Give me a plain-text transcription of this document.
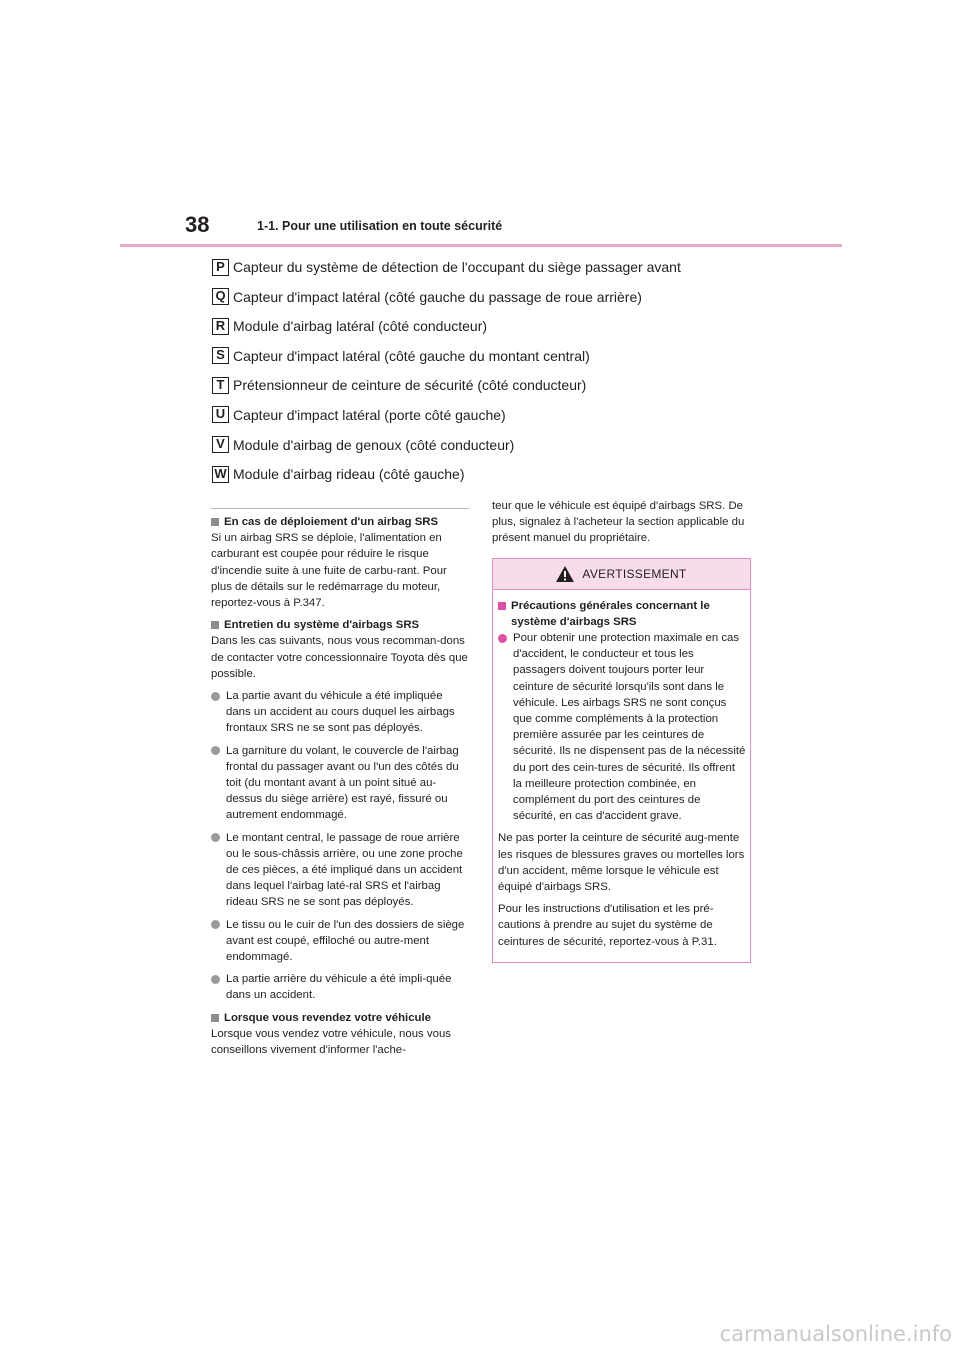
38	1-1. Pour une utilisation en toute sécurité
P Capteur du système de détection de l'occupant du siège passager avant
Q Capteur d'impact latéral (côté gauche du passage de roue arrière)
R Module d'airbag latéral (côté conducteur)
S Capteur d'impact latéral (côté gauche du montant central)
T Prétensionneur de ceinture de sécurité (côté conducteur)
U Capteur d'impact latéral (porte côté gauche)
V Module d'airbag de genoux (côté conducteur)
W Module d'airbag rideau (côté gauche)
En cas de déploiement d'un airbag SRS

Si un airbag SRS se déploie, l'alimentation en carburant est coupée pour réduire le risque d'incendie suite à une fuite de carbu-rant. Pour plus de détails sur le redémarrage du moteur, reportez-vous à P.347.

Entretien du système d'airbags SRS

Dans les cas suivants, nous vous recomman-dons de contacter votre concessionnaire Toyota dès que possible.

La partie avant du véhicule a été impliquée dans un accident au cours duquel les airbags frontaux SRS ne se sont pas déployés.
La garniture du volant, le couvercle de l'airbag frontal du passager avant ou l'un des côtés du toit (du montant avant à un point situé au-dessus du siège arrière) est rayé, fissuré ou autrement endommagé.
Le montant central, le passage de roue arrière ou le sous-châssis arrière, ou une zone proche de ces pièces, a été impliqué dans un accident dans lequel l'airbag laté-ral SRS et l'airbag rideau SRS ne se sont pas déployés.
Le tissu ou le cuir de l'un des dossiers de siège avant est coupé, effiloché ou autre-ment endommagé.
La partie arrière du véhicule a été impli-quée dans un accident.
Lorsque vous revendez votre véhicule

Lorsque vous vendez votre véhicule, nous vous conseillons vivement d'informer l'ache-

teur que le véhicule est équipé d'airbags SRS. De plus, signalez à l'acheteur la section applicable du présent manuel du propriétaire.

AVERTISSEMENT
Précautions générales concernant le système d'airbags SRS
Pour obtenir une protection maximale en cas d'accident, le conducteur et tous les passagers doivent toujours porter leur ceinture de sécurité lorsqu'ils sont dans le véhicule. Les airbags SRS ne sont conçus que comme compléments à la protection première assurée par les ceintures de sécurité. Ils ne dispensent pas de la nécessité du port des cein-tures de sécurité. Ils offrent la meilleure protection combinée, en complément du port des ceintures de sécurité, en cas d'accident grave.

Ne pas porter la ceinture de sécurité aug-mente les risques de blessures graves ou mortelles lors d'un accident, même lorsque le véhicule est équipé d'airbags SRS.

Pour les instructions d'utilisation et les pré-cautions à prendre au sujet du système de ceintures de sécurité, reportez-vous à P.31.

carmanualsonline.info
